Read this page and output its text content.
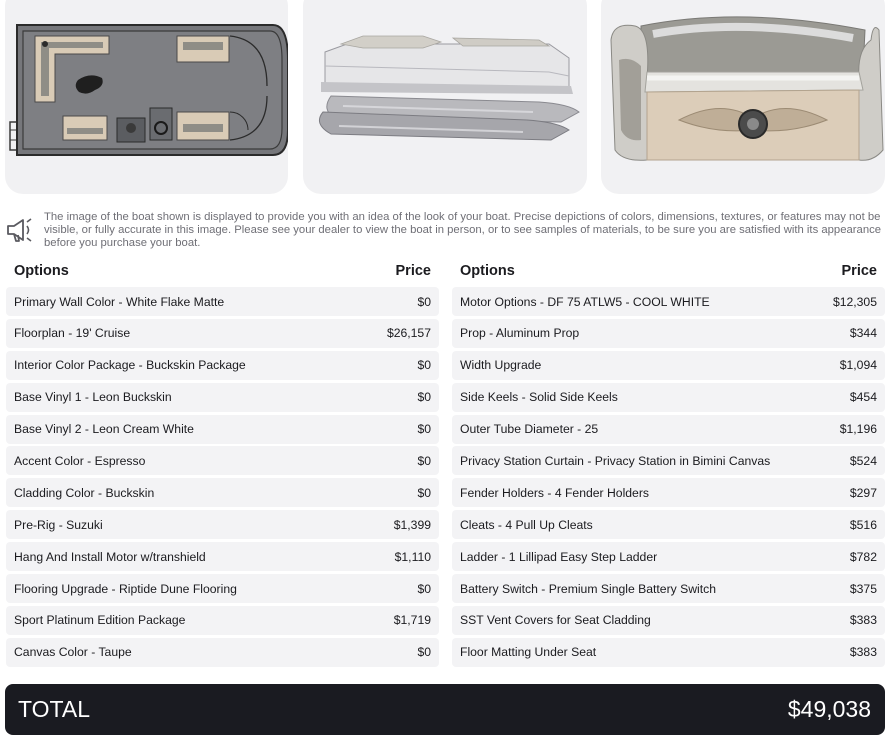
The image of the boat shown is displayed to provide you with an idea of the look of your boat. Precise depictions of colors, dimensions, textures, or features may not be visible, or fully accurate in this image. Please see your dealer to view the boat in person, or to see samples of materials, to be sure you are satisfied with its appearance before you purchase your boat.

Options	Price
Primary Wall Color - White Flake Matte	$0
Floorplan - 19' Cruise	$26,157
Interior Color Package - Buckskin Package	$0
Base Vinyl 1 - Leon Buckskin	$0
Base Vinyl 2 - Leon Cream White	$0
Accent Color - Espresso	$0
Cladding Color - Buckskin	$0
Pre-Rig - Suzuki	$1,399
Hang And Install Motor w/transhield	$1,110
Flooring Upgrade - Riptide Dune Flooring	$0
Sport Platinum Edition Package	$1,719
Canvas Color - Taupe	$0
Options	Price
Motor Options - DF 75 ATLW5 - COOL WHITE	$12,305
Prop - Aluminum Prop	$344
Width Upgrade	$1,094
Side Keels - Solid Side Keels	$454
Outer Tube Diameter - 25	$1,196
Privacy Station Curtain - Privacy Station in Bimini Canvas	$524
Fender Holders - 4 Fender Holders	$297
Cleats - 4 Pull Up Cleats	$516
Ladder - 1 Lillipad Easy Step Ladder	$782
Battery Switch - Premium Single Battery Switch	$375
SST Vent Covers for Seat Cladding	$383
Floor Matting Under Seat	$383
TOTAL	$49,038
